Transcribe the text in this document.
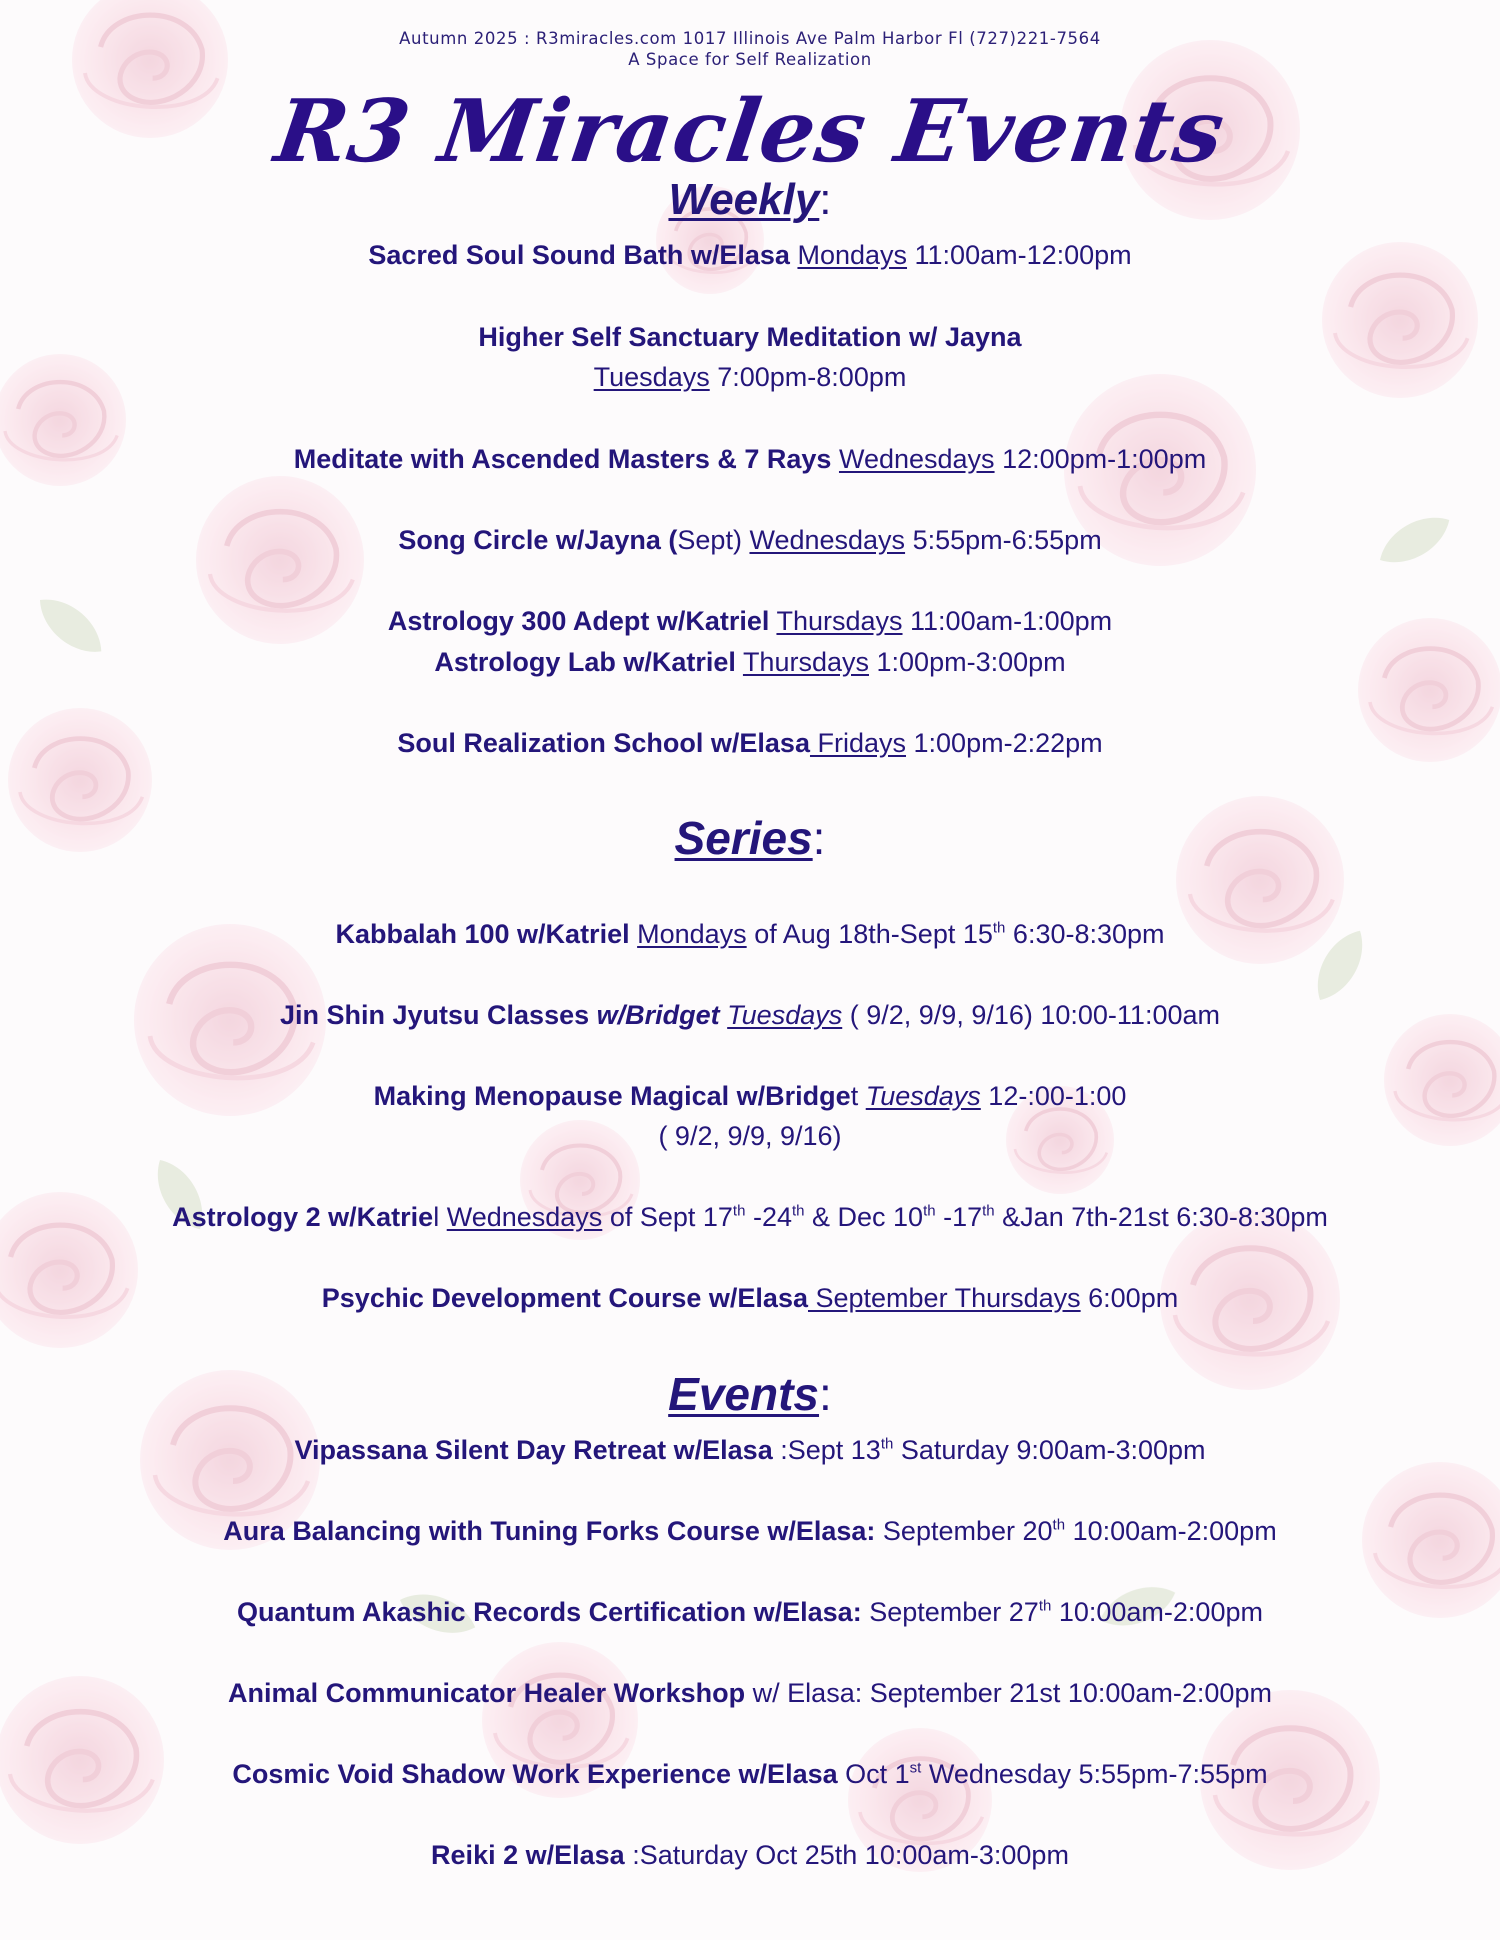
Autumn 2025 : R3miracles.com 1017 Illinois Ave Palm Harbor Fl (727)221-7564
A Space for Self Realization
R3 Miracles Events
Weekly:
Sacred Soul Sound Bath w/Elasa Mondays 11:00am-12:00pm
Higher Self Sanctuary Meditation w/ Jayna
Tuesdays 7:00pm-8:00pm
Meditate with Ascended Masters & 7 Rays Wednesdays 12:00pm-1:00pm
Song Circle w/Jayna (Sept) Wednesdays 5:55pm-6:55pm
Astrology 300 Adept w/Katriel Thursdays 11:00am-1:00pm
Astrology Lab w/Katriel Thursdays 1:00pm-3:00pm
Soul Realization School w/Elasa Fridays 1:00pm-2:22pm
Series:
Kabbalah 100 w/Katriel Mondays of Aug 18th-Sept 15th 6:30-8:30pm
Jin Shin Jyutsu Classes w/Bridget Tuesdays ( 9/2, 9/9, 9/16) 10:00-11:00am
Making Menopause Magical w/Bridget Tuesdays 12-:00-1:00
( 9/2, 9/9, 9/16)
Astrology 2 w/Katriel Wednesdays of Sept 17th -24th & Dec 10th -17th &Jan 7th-21st 6:30-8:30pm
Psychic Development Course w/Elasa September Thursdays 6:00pm
Events:
Vipassana Silent Day Retreat w/Elasa :Sept 13th Saturday 9:00am-3:00pm
Aura Balancing with Tuning Forks Course w/Elasa: September 20th 10:00am-2:00pm
Quantum Akashic Records Certification w/Elasa: September 27th 10:00am-2:00pm
Animal Communicator Healer Workshop w/ Elasa: September 21st 10:00am-2:00pm
Cosmic Void Shadow Work Experience w/Elasa Oct 1st Wednesday 5:55pm-7:55pm
Reiki 2 w/Elasa :Saturday Oct 25th 10:00am-3:00pm
